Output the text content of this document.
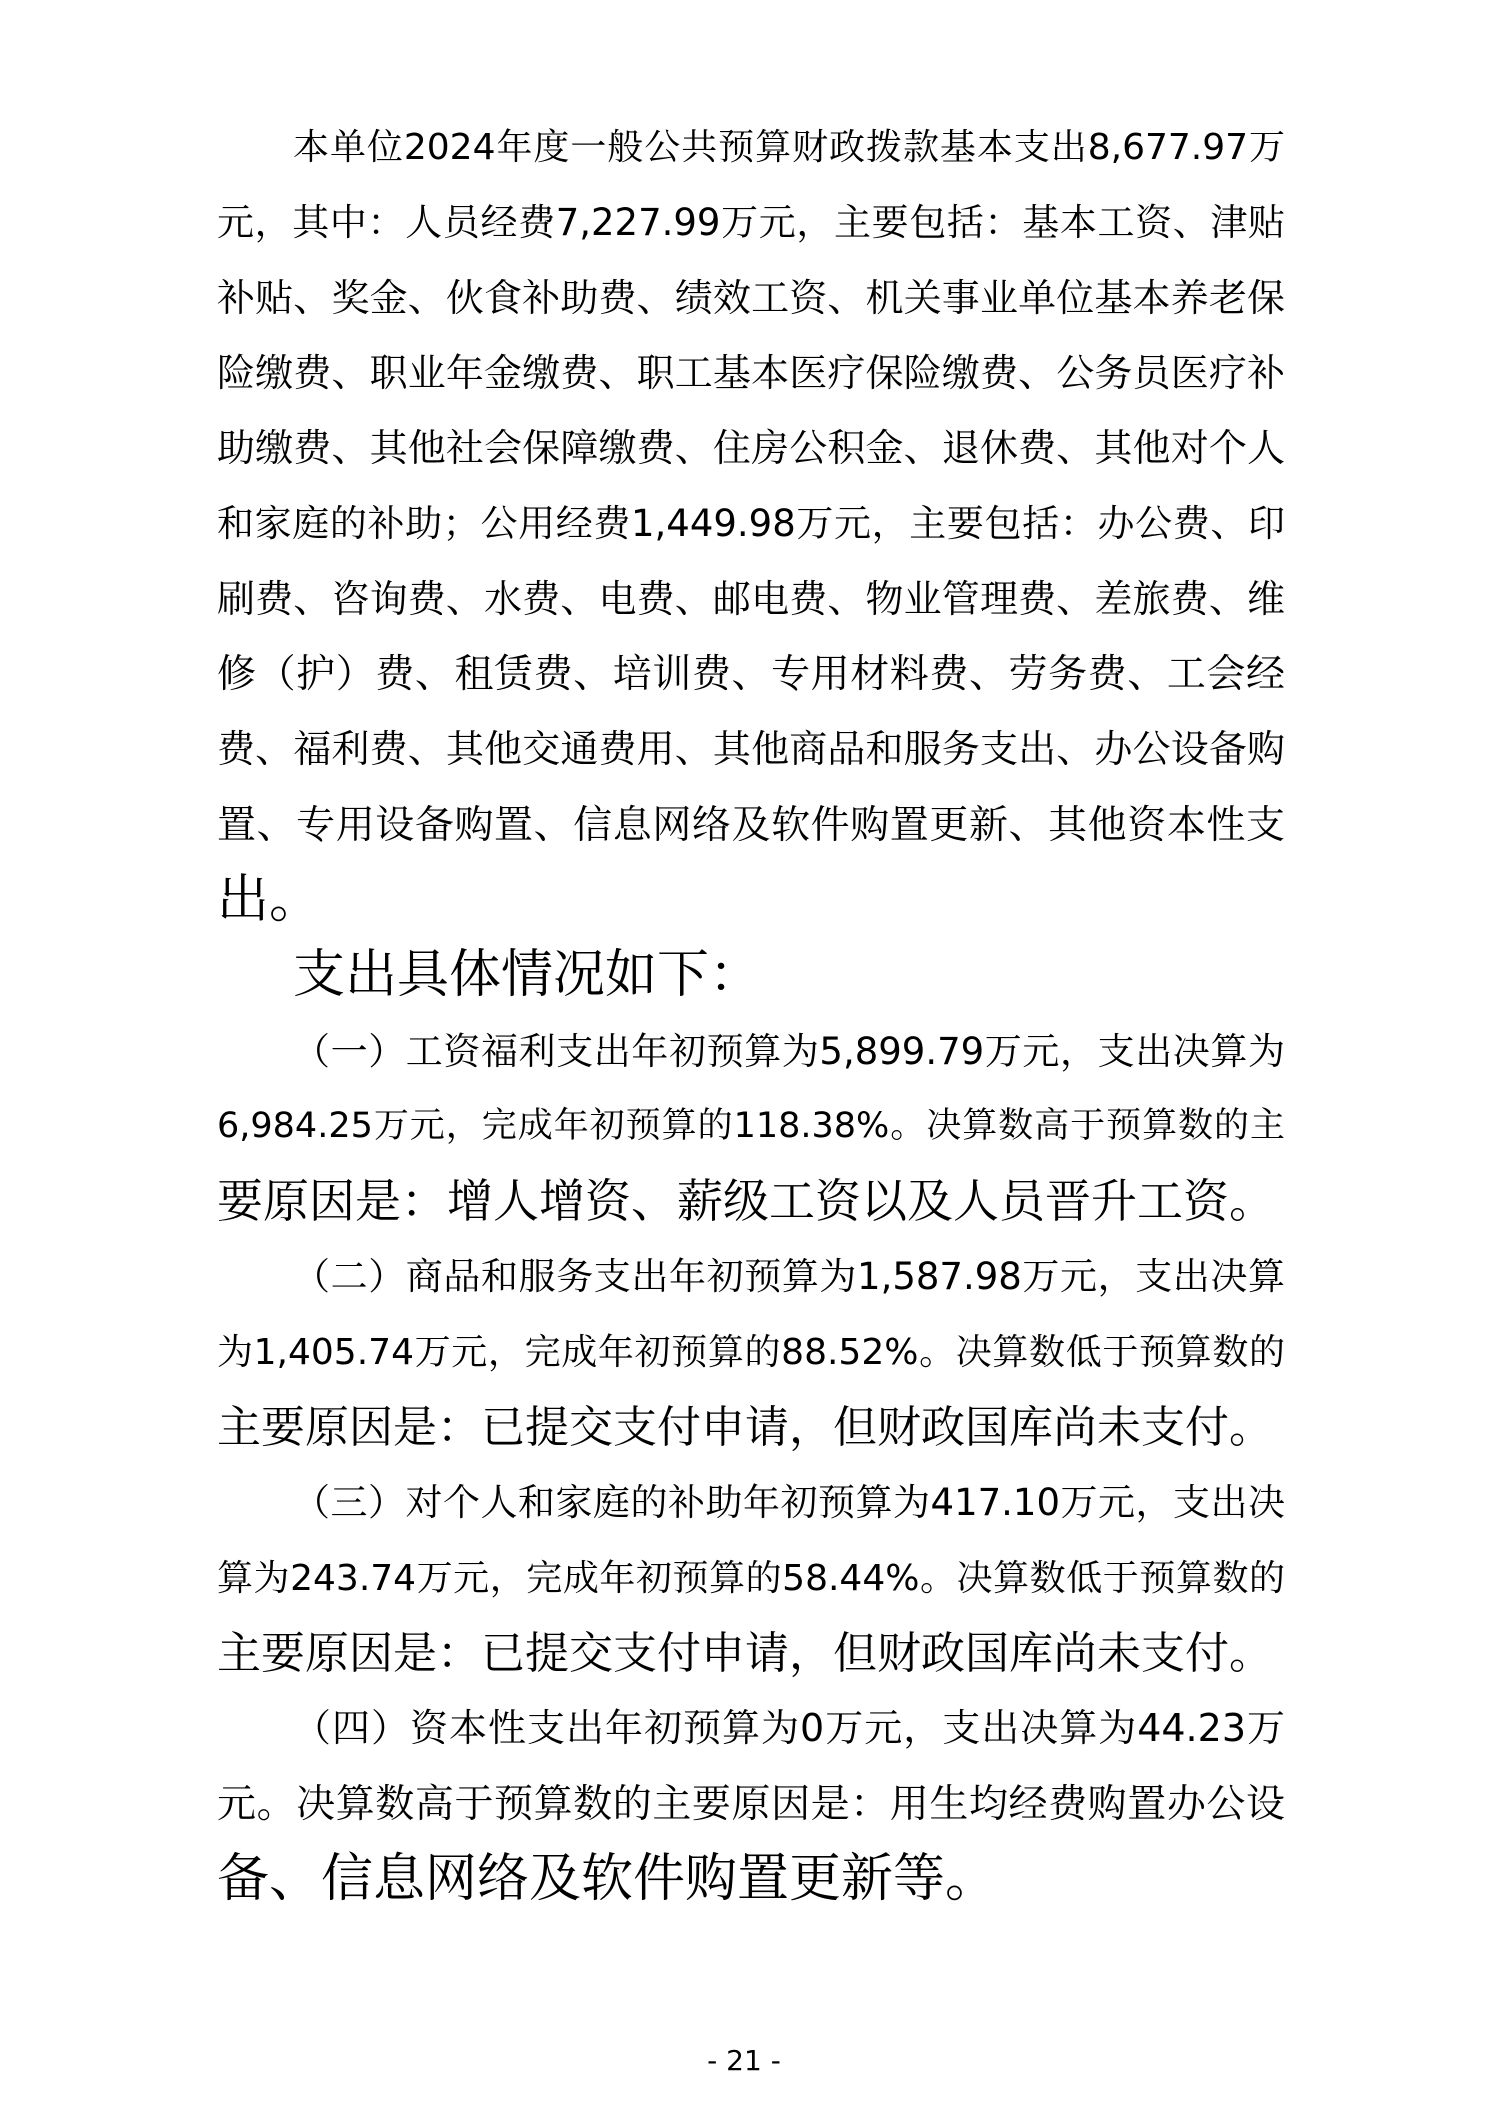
本单位2024年度一般公共预算财政拨款基本支出8,677.97万
元，其中：人员经费7,227.99万元，主要包括：基本工资、津贴
补贴、奖金、伙食补助费、绩效工资、机关事业单位基本养老保
险缴费、职业年金缴费、职工基本医疗保险缴费、公务员医疗补
助缴费、其他社会保障缴费、住房公积金、退休费、其他对个人
和家庭的补助；公用经费1,449.98万元，主要包括：办公费、印
刷费、咨询费、水费、电费、邮电费、物业管理费、差旅费、维
修（护）费、租赁费、培训费、专用材料费、劳务费、工会经
费、福利费、其他交通费用、其他商品和服务支出、办公设备购
置、专用设备购置、信息网络及软件购置更新、其他资本性支
出。
支出具体情况如下：
（一）工资福利支出年初预算为5,899.79万元，支出决算为
6,984.25万元，完成年初预算的118.38%。决算数高于预算数的主
要原因是：增人增资、薪级工资以及人员晋升工资。
（二）商品和服务支出年初预算为1,587.98万元，支出决算
为1,405.74万元，完成年初预算的88.52%。决算数低于预算数的
主要原因是：已提交支付申请，但财政国库尚未支付。
（三）对个人和家庭的补助年初预算为417.10万元，支出决
算为243.74万元，完成年初预算的58.44%。决算数低于预算数的
主要原因是：已提交支付申请，但财政国库尚未支付。
（四）资本性支出年初预算为0万元，支出决算为44.23万
元。决算数高于预算数的主要原因是：用生均经费购置办公设
备、信息网络及软件购置更新等。
- 21 -
